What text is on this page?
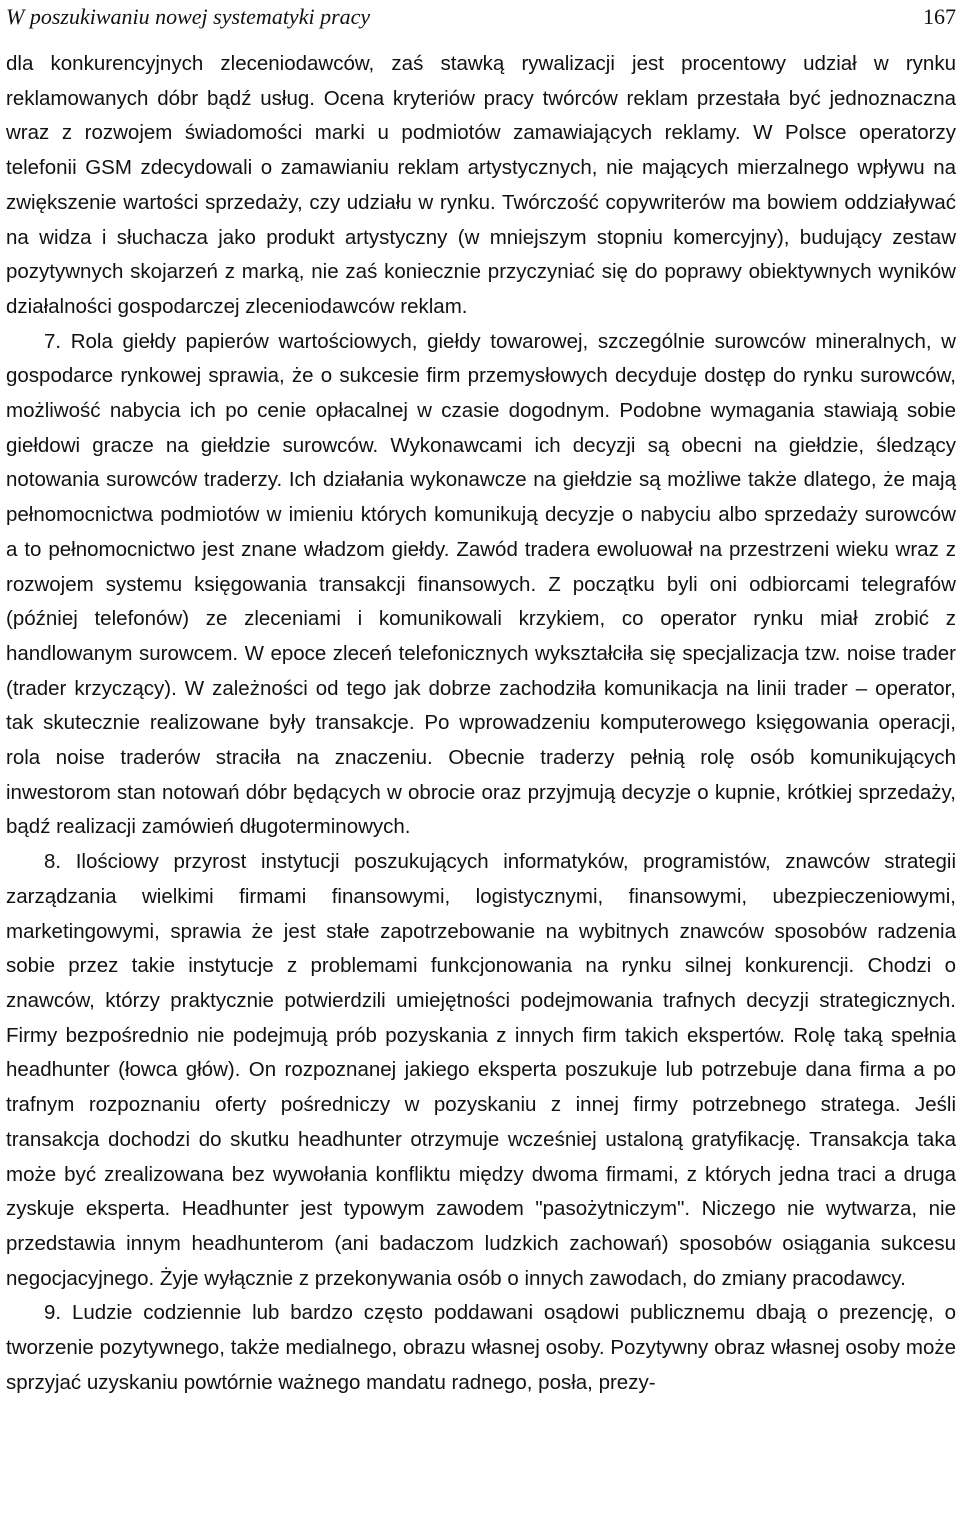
W poszukiwaniu nowej systematyki pracy	167

dla konkurencyjnych zleceniodawców, zaś stawką rywalizacji jest procentowy udział w rynku reklamowanych dóbr bądź usług. Ocena kryteriów pracy twórców reklam przestała być jednoznaczna wraz z rozwojem świadomości marki u podmiotów zamawiających reklamy. W Polsce operatorzy telefonii GSM zdecydowali o zamawianiu reklam artystycznych, nie mających mierzalnego wpływu na zwiększenie wartości sprzedaży, czy udziału w rynku. Twórczość copywriterów ma bowiem oddziaływać na widza i słuchacza jako produkt artystyczny (w mniejszym stopniu komercyjny), budujący zestaw pozytywnych skojarzeń z marką, nie zaś koniecznie przyczyniać się do poprawy obiektywnych wyników działalności gospodarczej zleceniodawców reklam.

7. Rola giełdy papierów wartościowych, giełdy towarowej, szczególnie surowców mineralnych, w gospodarce rynkowej sprawia, że o sukcesie firm przemysłowych decyduje dostęp do rynku surowców, możliwość nabycia ich po cenie opłacalnej w czasie dogodnym. Podobne wymagania stawiają sobie giełdowi gracze na giełdzie surowców. Wykonawcami ich decyzji są obecni na giełdzie, śledzący notowania surowców traderzy. Ich działania wykonawcze na giełdzie są możliwe także dlatego, że mają pełnomocnictwa podmiotów w imieniu których komunikują decyzje o nabyciu albo sprzedaży surowców a to pełnomocnictwo jest znane władzom giełdy. Zawód tradera ewoluował na przestrzeni wieku wraz z rozwojem systemu księgowania transakcji finansowych. Z początku byli oni odbiorcami telegrafów (później telefonów) ze zleceniami i komunikowali krzykiem, co operator rynku miał zrobić z handlowanym surowcem. W epoce zleceń telefonicznych wykształciła się specjalizacja tzw. noise trader (trader krzyczący). W zależności od tego jak dobrze zachodziła komunikacja na linii trader – operator, tak skutecznie realizowane były transakcje. Po wprowadzeniu komputerowego księgowania operacji, rola noise traderów straciła na znaczeniu. Obecnie traderzy pełnią rolę osób komunikujących inwestorom stan notowań dóbr będących w obrocie oraz przyjmują decyzje o kupnie, krótkiej sprzedaży, bądź realizacji zamówień długoterminowych.

8. Ilościowy przyrost instytucji poszukujących informatyków, programistów, znawców strategii zarządzania wielkimi firmami finansowymi, logistycznymi, finansowymi, ubezpieczeniowymi, marketingowymi, sprawia że jest stałe zapotrzebowanie na wybitnych znawców sposobów radzenia sobie przez takie instytucje z problemami funkcjonowania na rynku silnej konkurencji. Chodzi o znawców, którzy praktycznie potwierdzili umiejętności podejmowania trafnych decyzji strategicznych. Firmy bezpośrednio nie podejmują prób pozyskania z innych firm takich ekspertów. Rolę taką spełnia headhunter (łowca głów). On rozpoznanej jakiego eksperta poszukuje lub potrzebuje dana firma a po trafnym rozpoznaniu oferty pośredniczy w pozyskaniu z innej firmy potrzebnego stratega. Jeśli transakcja dochodzi do skutku headhunter otrzymuje wcześniej ustaloną gratyfikację. Transakcja taka może być zrealizowana bez wywołania konfliktu między dwoma firmami, z których jedna traci a druga zyskuje eksperta. Headhunter jest typowym zawodem "pasożytniczym". Niczego nie wytwarza, nie przedstawia innym headhunterom (ani badaczom ludzkich zachowań) sposobów osiągania sukcesu negocjacyjnego. Żyje wyłącznie z przekonywania osób o innych zawodach, do zmiany pracodawcy.

9. Ludzie codziennie lub bardzo często poddawani osądowi publicznemu dbają o prezencję, o tworzenie pozytywnego, także medialnego, obrazu własnej osoby. Pozytywny obraz własnej osoby może sprzyjać uzyskaniu powtórnie ważnego mandatu radnego, posła, prezy-
